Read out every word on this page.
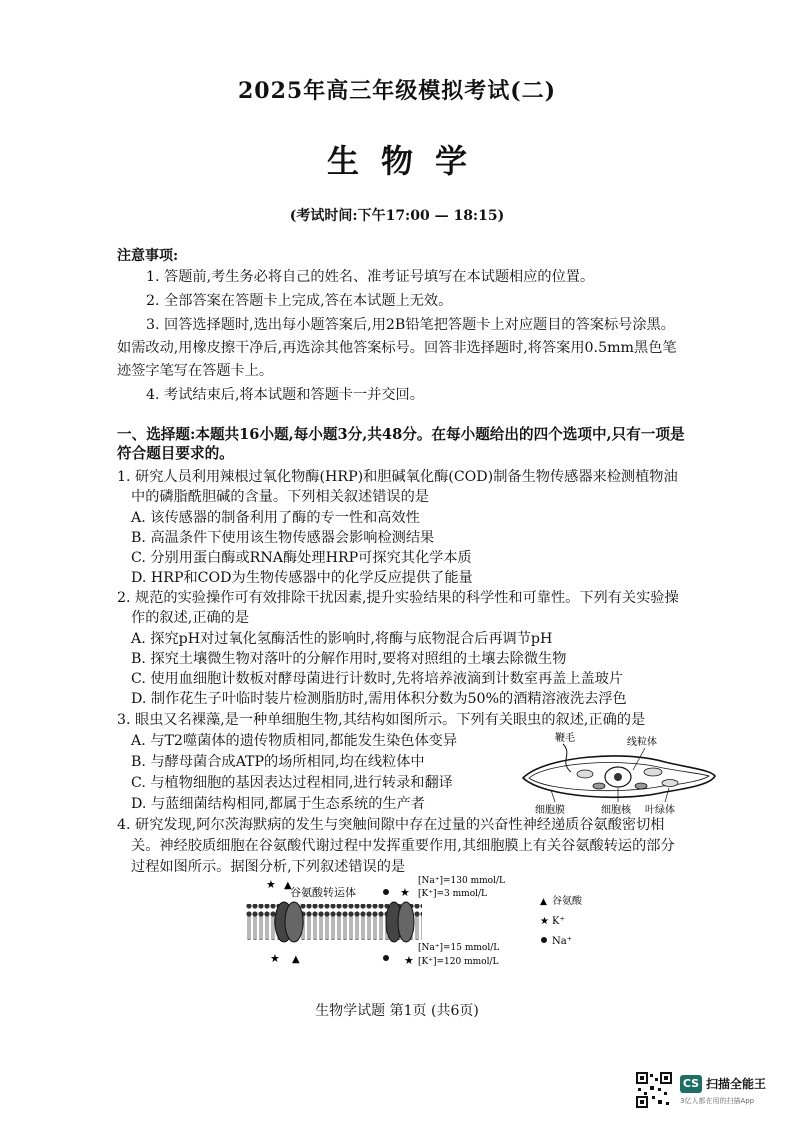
2025年高三年级模拟考试(二)
生物学
(考试时间:下午17:00 — 18:15)
注意事项:
1. 答题前,考生务必将自己的姓名、准考证号填写在本试题相应的位置。
2. 全部答案在答题卡上完成,答在本试题上无效。
3. 回答选择题时,选出每小题答案后,用2B铅笔把答题卡上对应题目的答案标号涂黑。
如需改动,用橡皮擦干净后,再选涂其他答案标号。回答非选择题时,将答案用0.5mm黑色笔
迹签字笔写在答题卡上。
4. 考试结束后,将本试题和答题卡一并交回。
一、选择题:本题共16小题,每小题3分,共48分。在每小题给出的四个选项中,只有一项是
符合题目要求的。
1. 研究人员利用辣根过氧化物酶(HRP)和胆碱氧化酶(COD)制备生物传感器来检测植物油
中的磷脂酰胆碱的含量。下列相关叙述错误的是
A. 该传感器的制备利用了酶的专一性和高效性
B. 高温条件下使用该生物传感器会影响检测结果
C. 分别用蛋白酶或RNA酶处理HRP可探究其化学本质
D. HRP和COD为生物传感器中的化学反应提供了能量
2. 规范的实验操作可有效排除干扰因素,提升实验结果的科学性和可靠性。下列有关实验操
作的叙述,正确的是
A. 探究pH对过氧化氢酶活性的影响时,将酶与底物混合后再调节pH
B. 探究土壤微生物对落叶的分解作用时,要将对照组的土壤去除微生物
C. 使用血细胞计数板对酵母菌进行计数时,先将培养液滴到计数室再盖上盖玻片
D. 制作花生子叶临时装片检测脂肪时,需用体积分数为50%的酒精溶液洗去浮色
3. 眼虫又名裸藻,是一种单细胞生物,其结构如图所示。下列有关眼虫的叙述,正确的是
A. 与T2噬菌体的遗传物质相同,都能发生染色体变异
B. 与酵母菌合成ATP的场所相同,均在线粒体中
C. 与植物细胞的基因表达过程相同,进行转录和翻译
D. 与蓝细菌结构相同,都属于生态系统的生产者
鞭毛	线粒体
细胞膜	细胞核 叶绿体
4. 研究发现,阿尔茨海默病的发生与突触间隙中存在过量的兴奋性神经递质谷氨酸密切相
关。神经胶质细胞在谷氨酸代谢过程中发挥重要作用,其细胞膜上有关谷氨酸转运的部分
过程如图所示。据图分析,下列叙述错误的是
谷氨酸转运体
★ ▲
★ ▲
★
★
[Na⁺]=130 mmol/L
[K⁺]=3 mmol/L
[Na⁺]=15 mmol/L
[K⁺]=120 mmol/L
▲ 谷氨酸
★ K⁺
Na⁺
生物学试题 第1页 (共6页)
CS 扫描全能王
3亿人都在用的扫描App
